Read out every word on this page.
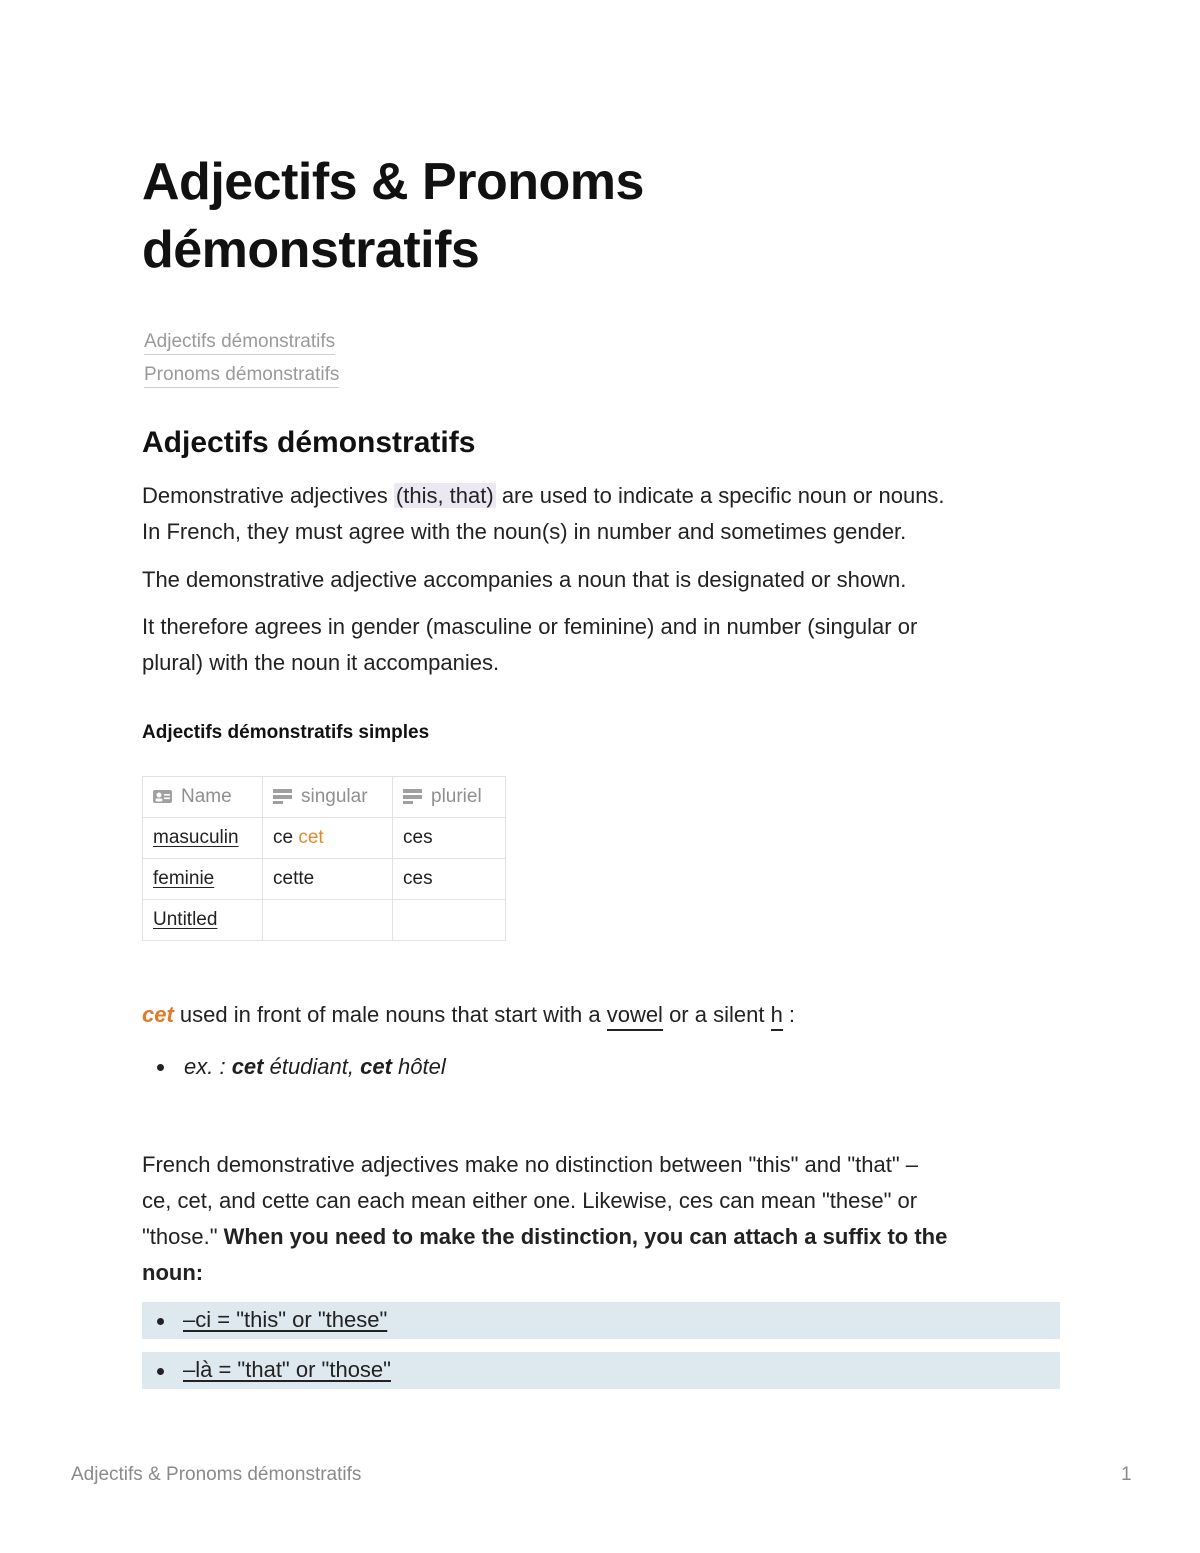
Adjectifs & Pronoms
démonstratifs
Adjectifs démonstratifs
Pronoms démonstratifs
Adjectifs démonstratifs
Demonstrative adjectives (this, that) are used to indicate a specific noun or nouns.
In French, they must agree with the noun(s) in number and sometimes gender.
The demonstrative adjective accompanies a noun that is designated or shown.
It therefore agrees in gender (masculine or feminine) and in number (singular or
plural) with the noun it accompanies.
Adjectifs démonstratifs simples
Name	singular	pluriel
masuculin	ce cet	ces
feminie	cette	ces
Untitled		
cet used in front of male nouns that start with a vowel or a silent h :
ex. : cet étudiant, cet hôtel
French demonstrative adjectives make no distinction between "this" and "that" –
ce, cet, and cette can each mean either one. Likewise, ces can mean "these" or
"those." When you need to make the distinction, you can attach a suffix to the
noun:
–ci = "this" or "these"
–là = "that" or "those"
Adjectifs & Pronoms démonstratifs	1
